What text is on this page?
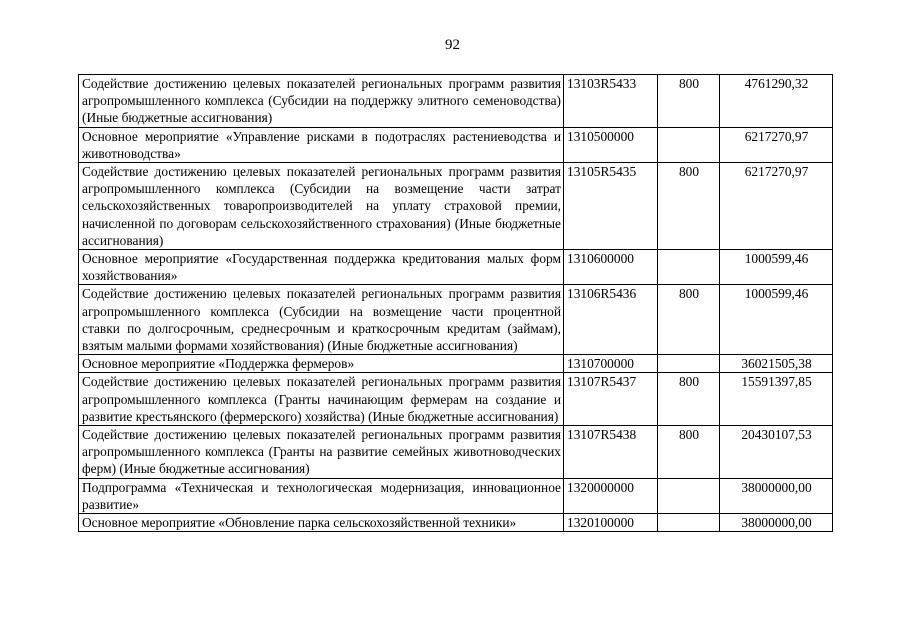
92
Содействие достижению целевых показателей региональных программ развития агропромышленного комплекса (Субсидии на поддержку элитного семеноводства) (Иные бюджетные ассигнования)	13103R5433	800	4761290,32
Основное мероприятие «Управление рисками в подотраслях растениеводства и животноводства»	1310500000		6217270,97
Содействие достижению целевых показателей региональных программ развития агропромышленного комплекса (Субсидии на возмещение части затрат сельскохозяйственных товаропроизводителей на уплату страховой премии, начисленной по договорам сельскохозяйственного страхования) (Иные бюджетные ассигнования)	13105R5435	800	6217270,97
Основное мероприятие «Государственная поддержка кредитования малых форм хозяйствования»	1310600000		1000599,46
Содействие достижению целевых показателей региональных программ развития агропромышленного комплекса (Субсидии на возмещение части процентной ставки по долгосрочным, среднесрочным и краткосрочным кредитам (займам), взятым малыми формами хозяйствования) (Иные бюджетные ассигнования)	13106R5436	800	1000599,46
Основное мероприятие «Поддержка фермеров»	1310700000		36021505,38
Содействие достижению целевых показателей региональных программ развития агропромышленного комплекса (Гранты начинающим фермерам на создание и развитие крестьянского (фермерского) хозяйства) (Иные бюджетные ассигнования)	13107R5437	800	15591397,85
Содействие достижению целевых показателей региональных программ развития агропромышленного комплекса (Гранты на развитие семейных животноводческих ферм) (Иные бюджетные ассигнования)	13107R5438	800	20430107,53
Подпрограмма «Техническая и технологическая модернизация, инновационное развитие»	1320000000		38000000,00
Основное мероприятие «Обновление парка сельскохозяйственной техники»	1320100000		38000000,00
